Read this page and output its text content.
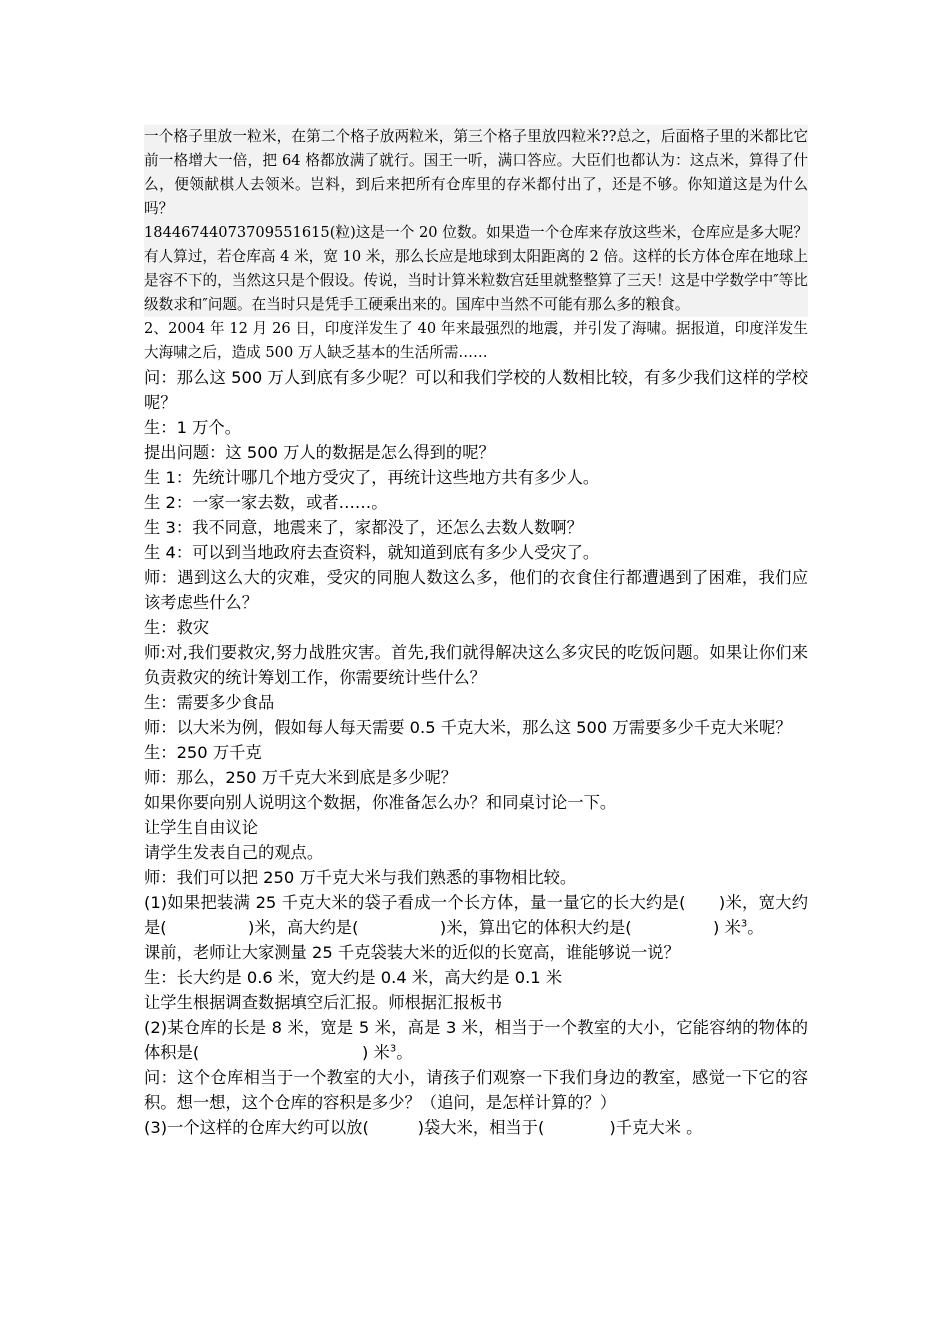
一个格子里放一粒米，在第二个格子放两粒米，第三个格子里放四粒米??总之，后面格子里的米都比它前一格增大一倍，把 64 格都放满了就行。国王一听，满口答应。大臣们也都认为：这点米，算得了什么，便领献棋人去领米。岂料，到后来把所有仓库里的存米都付出了，还是不够。你知道这是为什么吗？

18446744073709551615(粒)这是一个 20 位数。如果造一个仓库来存放这些米，仓库应是多大呢？有人算过，若仓库高 4 米，宽 10 米，那么长应是地球到太阳距离的 2 倍。这样的长方体仓库在地球上是容不下的，当然这只是个假设。传说，当时计算米粒数宫廷里就整整算了三天！这是中学数学中″等比级数求和″问题。在当时只是凭手工硬乘出来的。国库中当然不可能有那么多的粮食。

2、2004 年 12 月 26 日，印度洋发生了 40 年来最强烈的地震，并引发了海啸。据报道，印度洋发生大海啸之后，造成 500 万人缺乏基本的生活所需……

问：那么这 500 万人到底有多少呢？可以和我们学校的人数相比较，有多少我们这样的学校呢？

生：1 万个。

提出问题：这 500 万人的数据是怎么得到的呢？

生 1：先统计哪几个地方受灾了，再统计这些地方共有多少人。

生 2：一家一家去数，或者……。

生 3：我不同意，地震来了，家都没了，还怎么去数人数啊？

生 4：可以到当地政府去查资料，就知道到底有多少人受灾了。

师：遇到这么大的灾难，受灾的同胞人数这么多，他们的衣食住行都遭遇到了困难，我们应该考虑些什么？

生：救灾

师:对,我们要救灾,努力战胜灾害。首先,我们就得解决这么多灾民的吃饭问题。如果让你们来负责救灾的统计筹划工作，你需要统计些什么？

生：需要多少食品

师：以大米为例，假如每人每天需要 0.5 千克大米，那么这 500 万需要多少千克大米呢？

生：250 万千克

师：那么，250 万千克大米到底是多少呢？

如果你要向别人说明这个数据，你准备怎么办？和同桌讨论一下。

让学生自由议论

请学生发表自己的观点。

师：我们可以把 250 万千克大米与我们熟悉的事物相比较。

(1)如果把装满 25 千克大米的袋子看成一个长方体，量一量它的长大约是(　　)米，宽大约是(　　　　　)米，高大约是(　　　　　)米，算出它的体积大约是(　　　　　) 米$^3$。

课前，老师让大家测量 25 千克袋装大米的近似的长宽高，谁能够说一说？

生：长大约是 0.6 米，宽大约是 0.4 米，高大约是 0.1 米

让学生根据调查数据填空后汇报。师根据汇报板书

(2)某仓库的长是 8 米，宽是 5 米，高是 3 米，相当于一个教室的大小，它能容纳的物体的体积是(　　　　　　　　　　) 米$^3$。

问：这个仓库相当于一个教室的大小，请孩子们观察一下我们身边的教室，感觉一下它的容积。想一想，这个仓库的容积是多少？（追问，是怎样计算的？）

(3)一个这样的仓库大约可以放(　　　)袋大米，相当于(　　　　)千克大米 。
